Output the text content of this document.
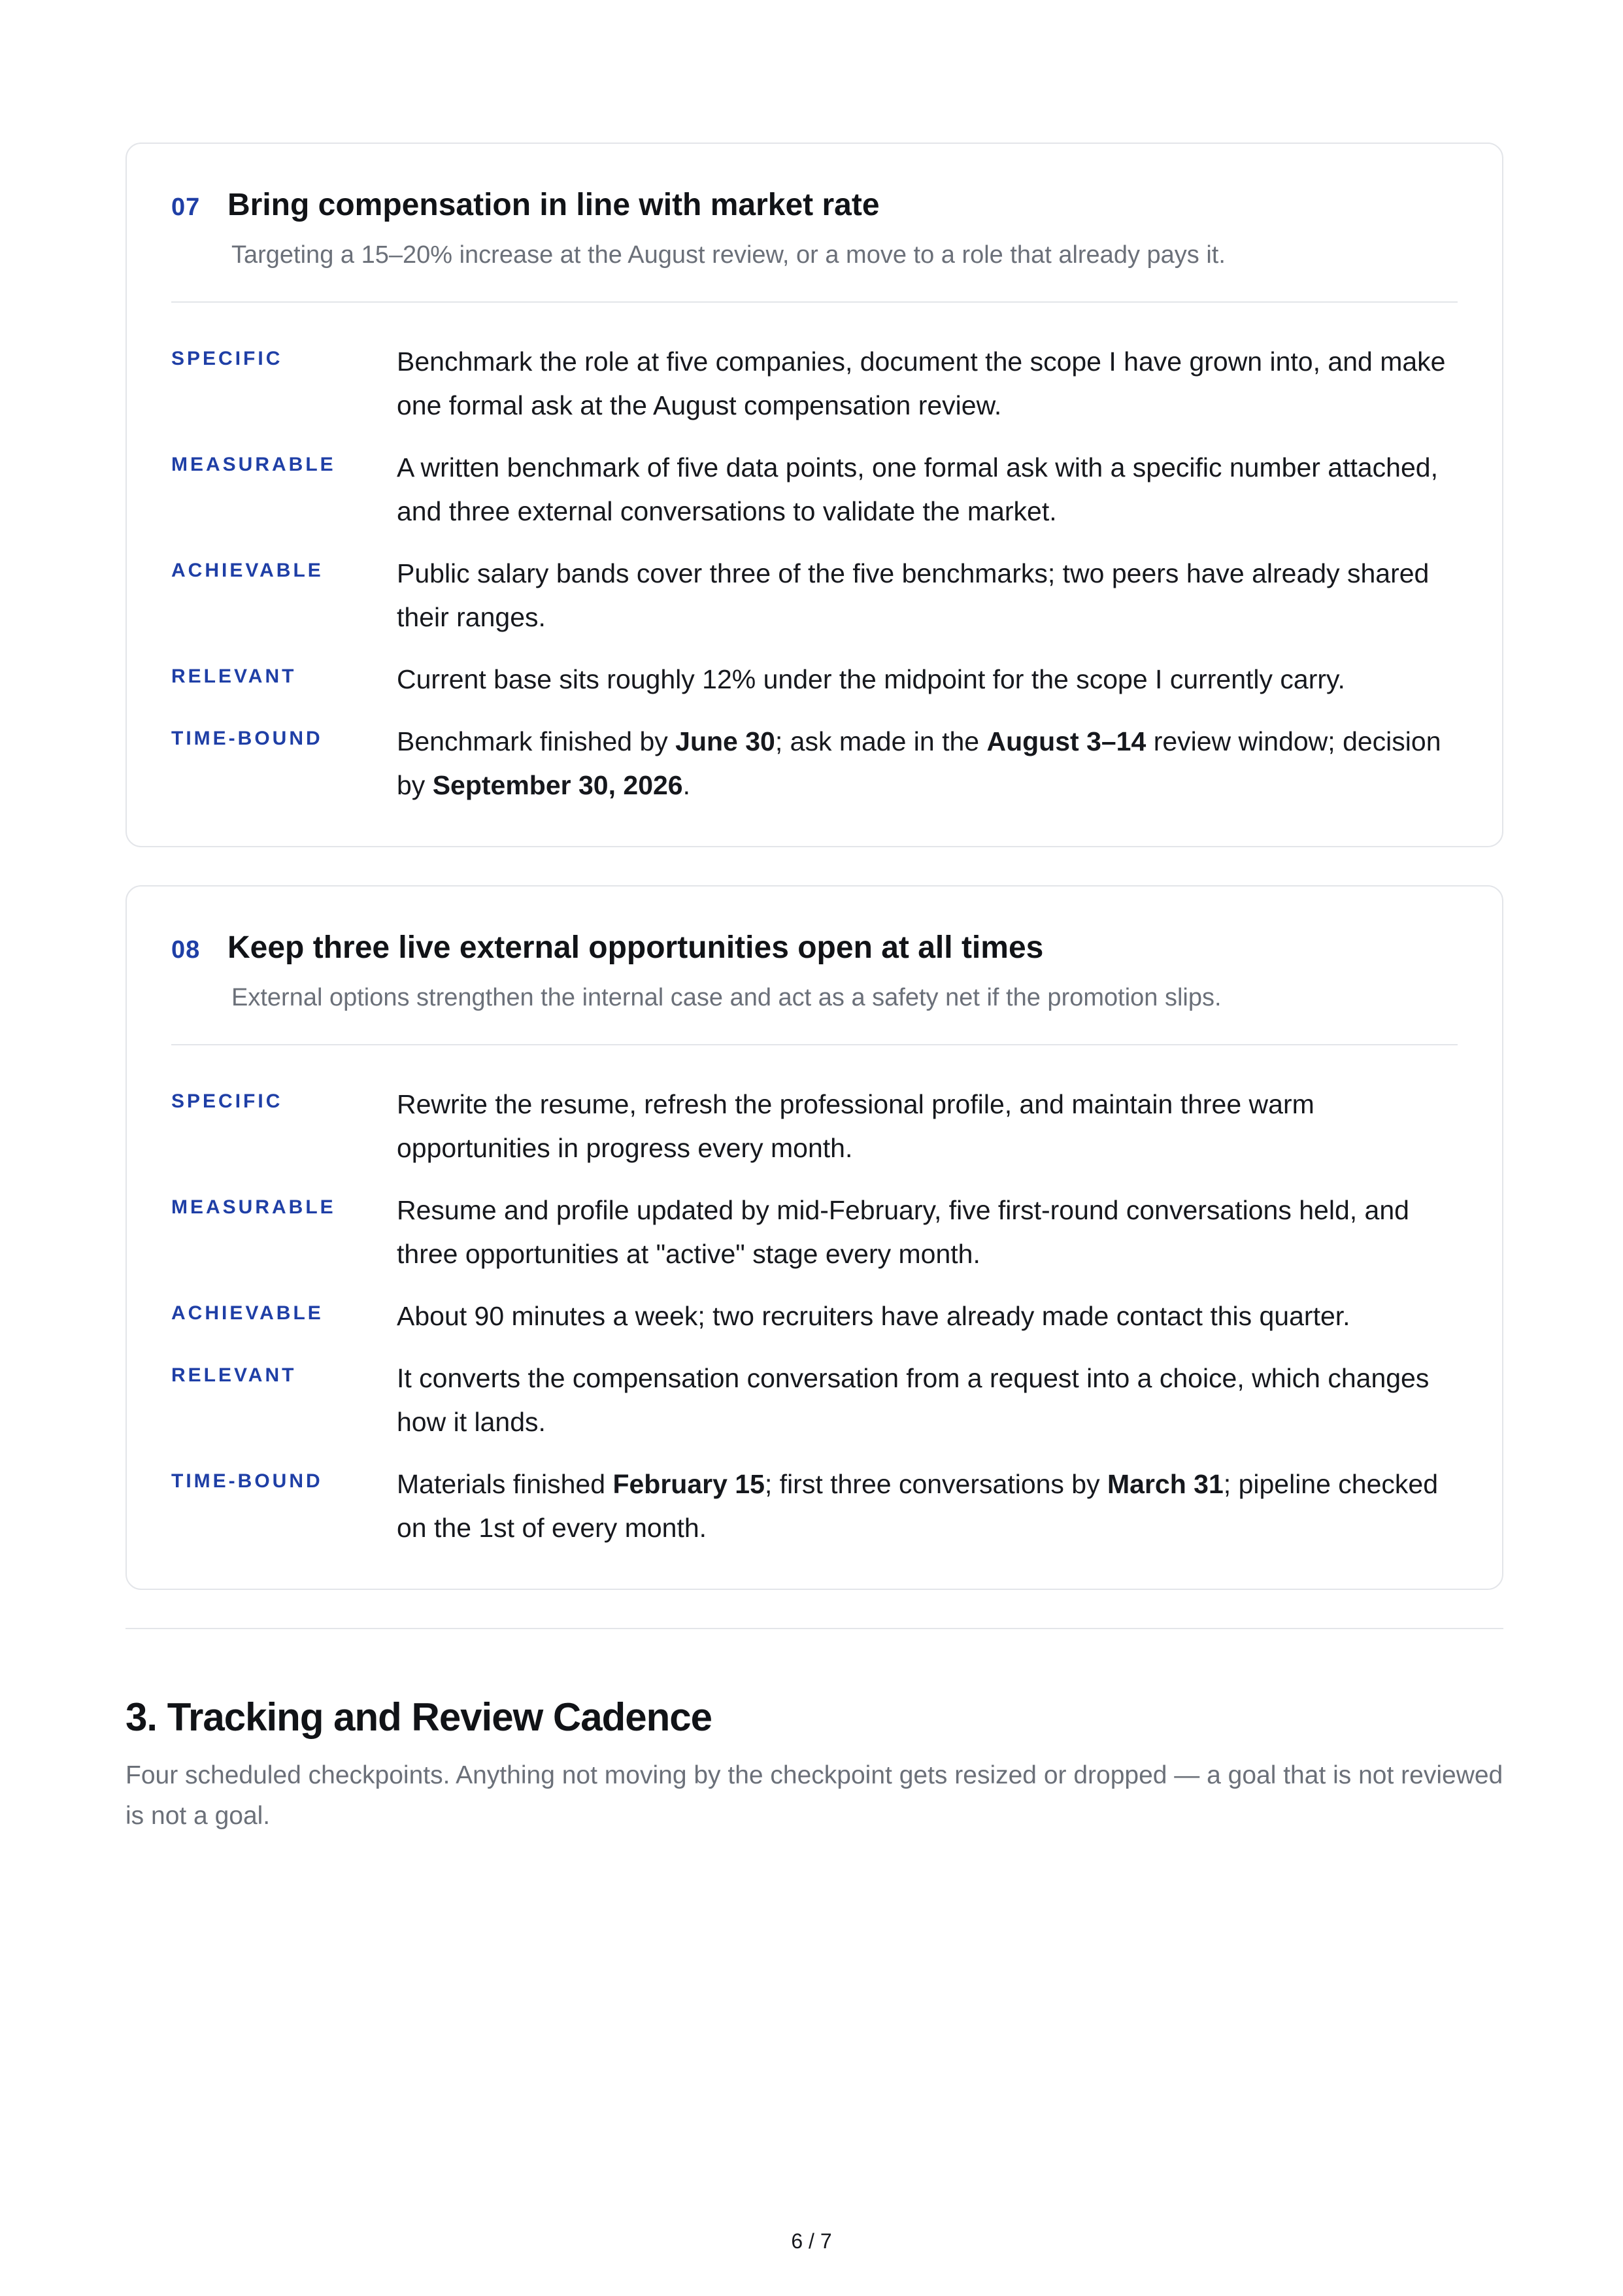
07 Bring compensation in line with market rate
Targeting a 15–20% increase at the August review, or a move to a role that already pays it.
SPECIFIC	Benchmark the role at five companies, document the scope I have grown into, and make one formal ask at the August compensation review.
MEASURABLE A written benchmark of five data points, one formal ask with a specific number attached, and three external conversations to validate the market.
ACHIEVABLE	Public salary bands cover three of the five benchmarks; two peers have already shared their ranges.
RELEVANT	Current base sits roughly 12% under the midpoint for the scope I currently carry.
TIME-BOUND	Benchmark finished by June 30; ask made in the August 3–14 review window; decision by September 30, 2026.
08 Keep three live external opportunities open at all times
External options strengthen the internal case and act as a safety net if the promotion slips.
SPECIFIC	Rewrite the resume, refresh the professional profile, and maintain three warm opportunities in progress every month.
MEASURABLE Resume and profile updated by mid-February, five first-round conversations held, and three opportunities at "active" stage every month.
ACHIEVABLE	About 90 minutes a week; two recruiters have already made contact this quarter.
RELEVANT	It converts the compensation conversation from a request into a choice, which changes how it lands.
TIME-BOUND	Materials finished February 15; first three conversations by March 31; pipeline checked on the 1st of every month.
3. Tracking and Review Cadence
Four scheduled checkpoints. Anything not moving by the checkpoint gets resized or dropped — a goal that is not reviewed is not a goal.
6 / 7
